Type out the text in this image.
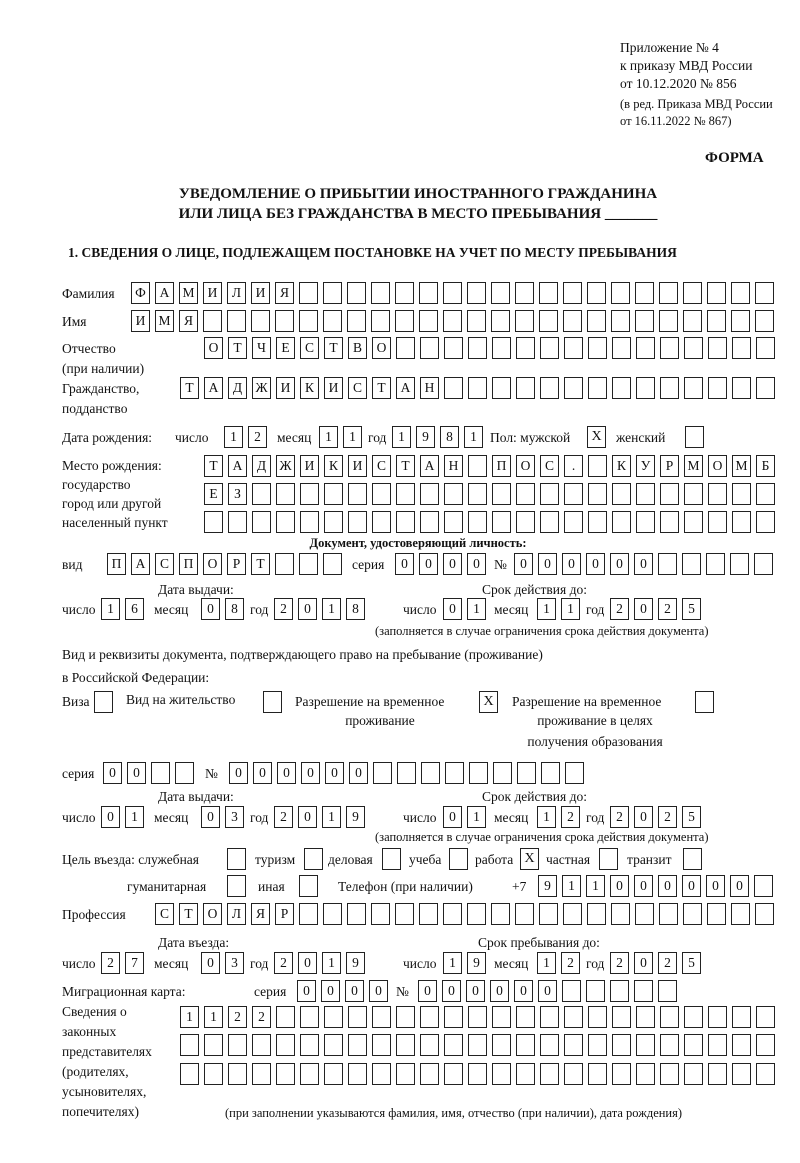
Приложение № 4
к приказу МВД России
от 10.12.2020 № 856
(в ред. Приказа МВД России
от 16.11.2022 № 867)
ФОРМА
УВЕДОМЛЕНИЕ О ПРИБЫТИИ ИНОСТРАННОГО ГРАЖДАНИНА
ИЛИ ЛИЦА БЕЗ ГРАЖДАНСТВА В МЕСТО ПРЕБЫВАНИЯ _______
1. СВЕДЕНИЯ О ЛИЦЕ, ПОДЛЕЖАЩЕМ ПОСТАНОВКЕ НА УЧЕТ ПО МЕСТУ ПРЕБЫВАНИЯ
Фамилия	Ф	А М И	Л	И	Я
Имя	И М Я
Отчество
(при наличии)
О	Т	Ч	Е	С	Т	В	О
Гражданство,
подданство
Т	А	Д Ж И	К	И	С	Т	А	Н
Дата рождения: число	1	2	месяц	1	1 год 1	9	8	1 Пол: мужской	X	женский
Место рождения:
государство
город или другой
населенный пункт
Т	А	Д Ж И	К	И	С	Т	А	Н	П	О	С	.	К	У	Р	М О М	Б
Е	З
Документ, удостоверяющий личность:
вид	П	А	С	П	О	Р	Т	серия	0	0	0	0	№ 0	0	0	0	0	0
Дата выдачи:	Срок действия до:
число 1	6	месяц	0	8 год 2	0	1	8	число 0	1	месяц	1	1 год 2	0	2	5
(заполняется в случае ограничения срока действия документа)
Вид и реквизиты документа, подтверждающего право на пребывание (проживание)
в Российской Федерации:
Виза	Вид на жительство	Разрешение на временное
проживание
X	Разрешение на временное
проживание в целях
получения образования
серия	0	0	№	0	0	0	0	0	0
Дата выдачи:	Срок действия до:
число 0	1	месяц	0	3 год 2	0	1	9	число 0	1	месяц	1	2 год 2	0	2	5
(заполняется в случае ограничения срока действия документа)
Цель въезда: служебная	туризм деловая	учеба работа X частная	транзит
гуманитарная	иная	Телефон (при наличии)	+7	9	1	1	0	0	0	0	0	0
Профессия	С	Т	О	Л	Я	Р
Дата въезда:	Срок пребывания до:
число 2	7	месяц	0	3 год 2	0	1	9	число 1	9	месяц	1	2 год 2	0	2	5
Миграционная карта:	серия	0	0	0	0	№	0	0	0	0	0	0
Сведения о
законных
представителях
(родителях,
усыновителях,
попечителях)
1	1	2	2
(при заполнении указываются фамилия, имя, отчество (при наличии), дата рождения)
